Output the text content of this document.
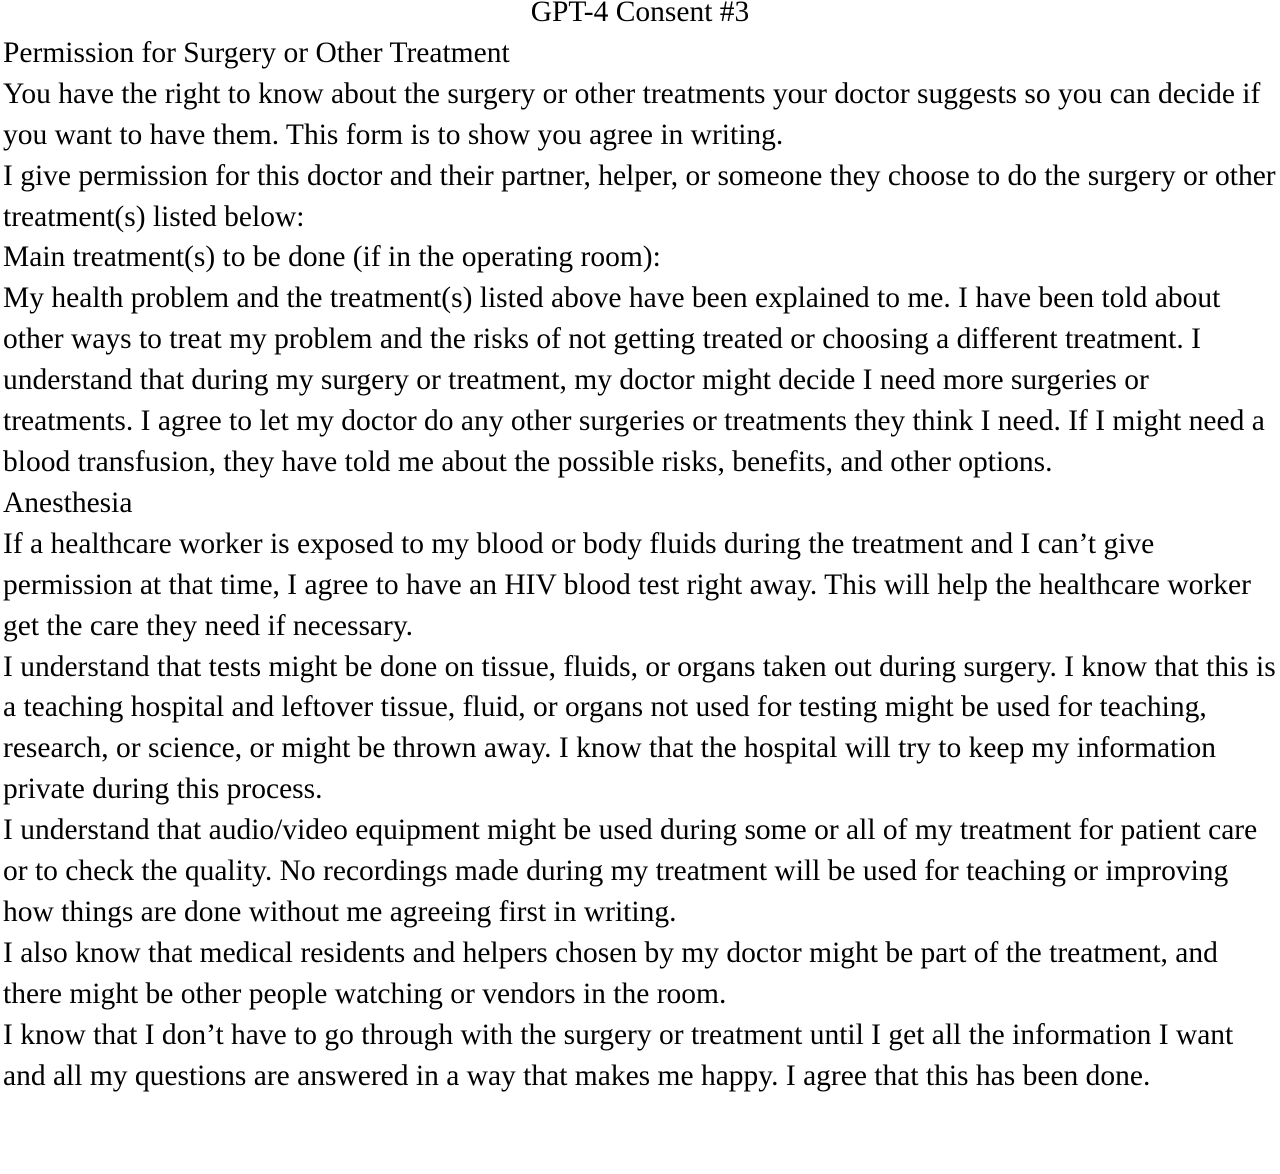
GPT-4 Consent #3

Permission for Surgery or Other Treatment

You have the right to know about the surgery or other treatments your doctor suggests so you can decide if you want to have them. This form is to show you agree in writing.

I give permission for this doctor and their partner, helper, or someone they choose to do the surgery or other treatment(s) listed below:

Main treatment(s) to be done (if in the operating room):

My health problem and the treatment(s) listed above have been explained to me. I have been told about other ways to treat my problem and the risks of not getting treated or choosing a different treatment. I understand that during my surgery or treatment, my doctor might decide I need more surgeries or treatments. I agree to let my doctor do any other surgeries or treatments they think I need. If I might need a blood transfusion, they have told me about the possible risks, benefits, and other options.

Anesthesia

If a healthcare worker is exposed to my blood or body fluids during the treatment and I can’t give permission at that time, I agree to have an HIV blood test right away. This will help the healthcare worker get the care they need if necessary.

I understand that tests might be done on tissue, fluids, or organs taken out during surgery. I know that this is a teaching hospital and leftover tissue, fluid, or organs not used for testing might be used for teaching, research, or science, or might be thrown away. I know that the hospital will try to keep my information private during this process.

I understand that audio/video equipment might be used during some or all of my treatment for patient care or to check the quality. No recordings made during my treatment will be used for teaching or improving how things are done without me agreeing first in writing.

I also know that medical residents and helpers chosen by my doctor might be part of the treatment, and there might be other people watching or vendors in the room.

I know that I don’t have to go through with the surgery or treatment until I get all the information I want and all my questions are answered in a way that makes me happy. I agree that this has been done.
